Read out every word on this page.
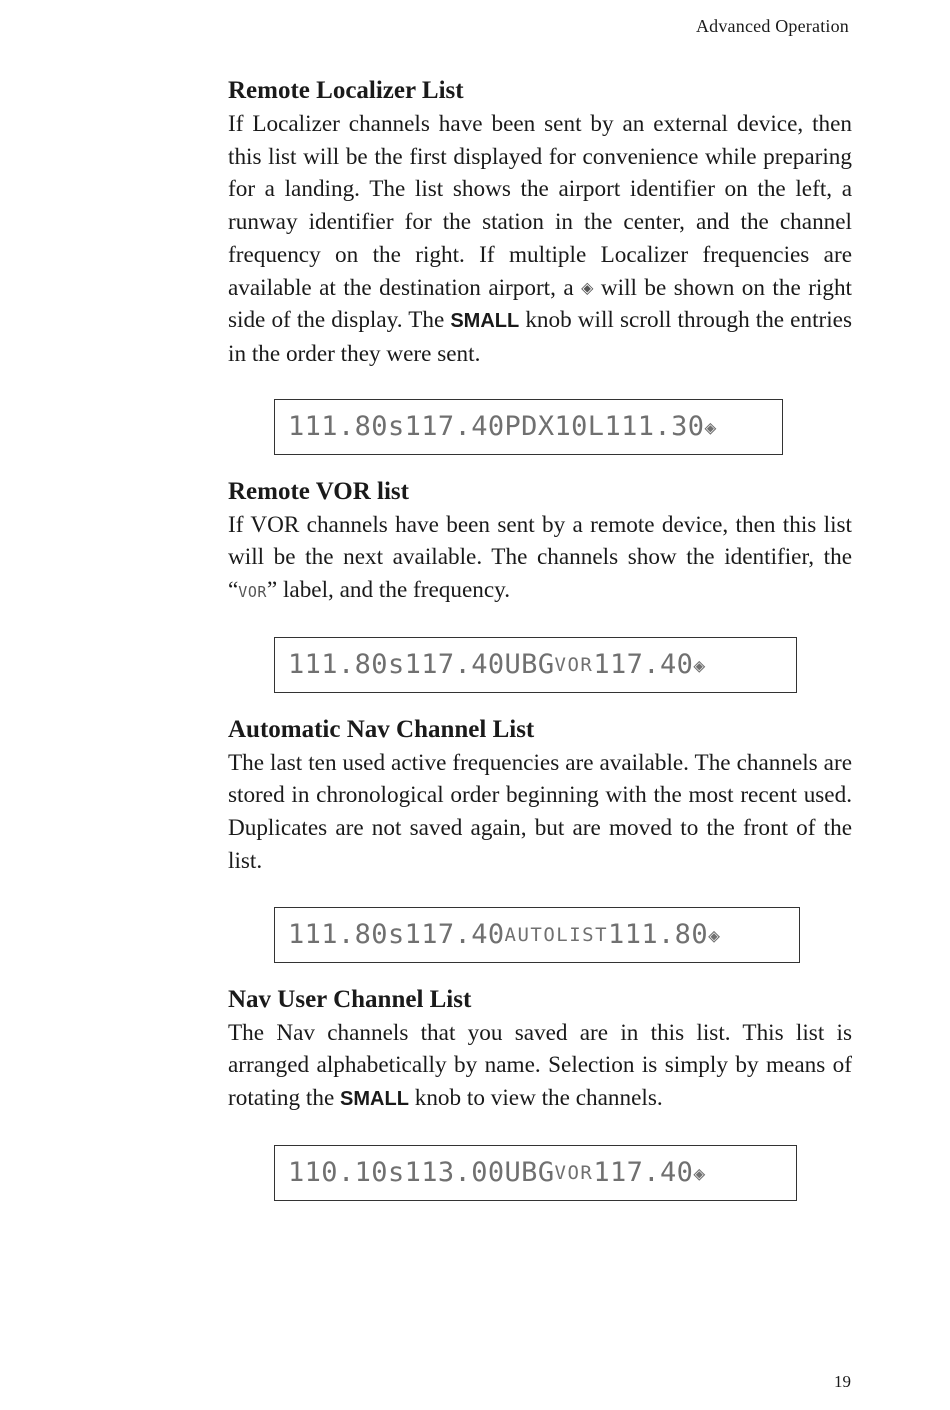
Advanced Operation
Remote Localizer List

If Localizer channels have been sent by an external device, then this list will be the first displayed for convenience while preparing for a landing. The list shows the airport identifier on the left, a runway identifier for the station in the center, and the channel frequency on the right. If multiple Localizer frequencies are available at the destination airport, a ◈ will be shown on the right side of the display. The SMALL knob will scroll through the entries in the order they were sent.

111.80 s117.40 PDX 10L 111.30 ◈
Remote VOR list

If VOR channels have been sent by a remote device, then this list will be the next available. The channels show the identifier, the “VOR” label, and the frequency.

111.80 s117.40 UBG VOR 117.40 ◈
Automatic Nav Channel List

The last ten used active frequencies are available. The channels are stored in chronological order beginning with the most recent used. Duplicates are not saved again, but are moved to the front of the list.

111.80 s117.40 AUTOLIST 111.80 ◈
Nav User Channel List

The Nav channels that you saved are in this list. This list is arranged alphabetically by name. Selection is simply by means of rotating the SMALL knob to view the channels.

110.10 s113.00 UBG VOR 117.40 ◈
19
